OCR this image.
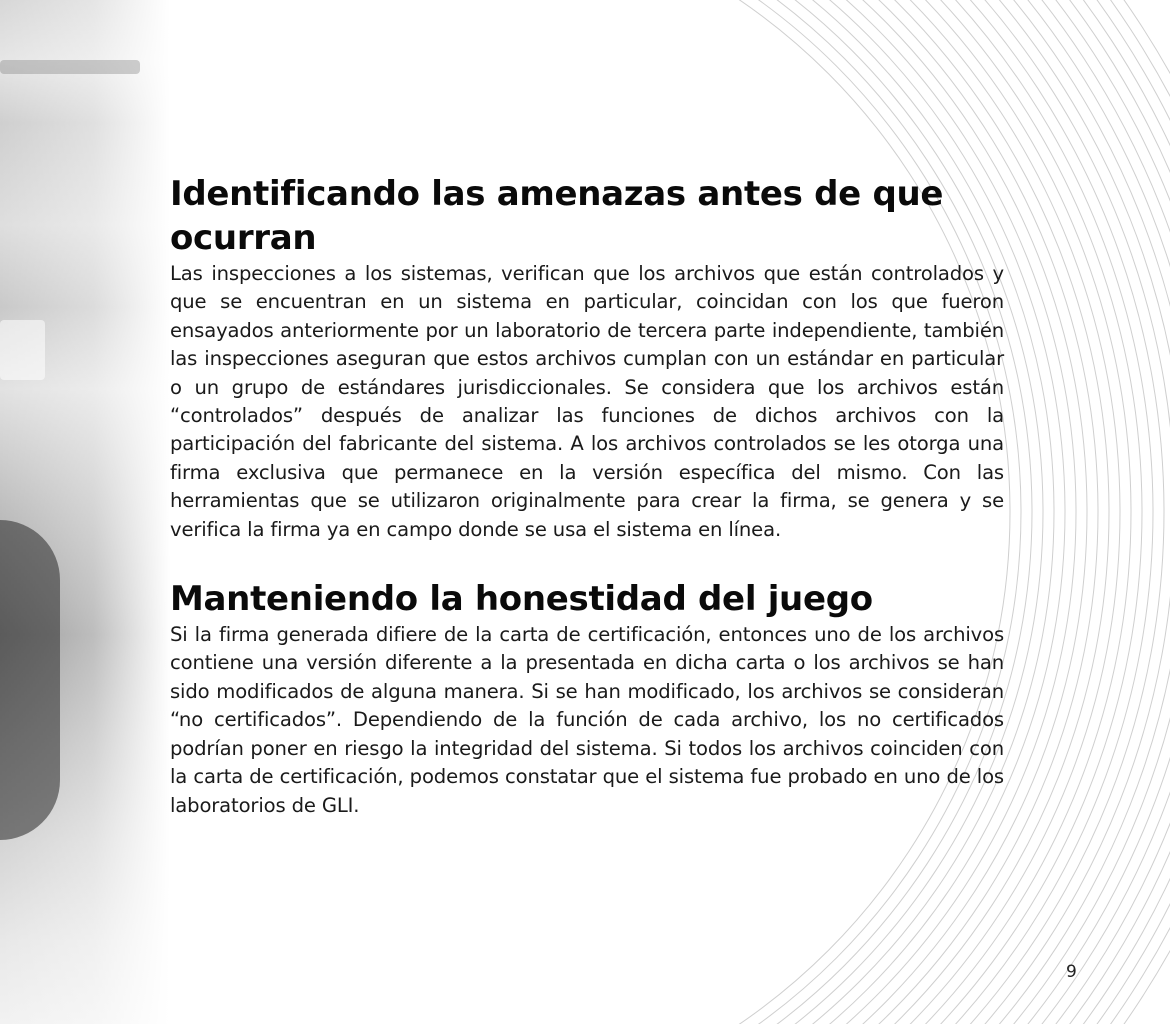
Identificando las amenazas antes de que ocurran

Las inspecciones a los sistemas, verifican que los archivos que están controlados y que se encuentran en un sistema en particular, coincidan con los que fueron ensayados anteriormente por un laboratorio de tercera parte independiente, también las inspecciones aseguran que estos archivos cumplan con un estándar en particular o un grupo de estándares jurisdiccionales. Se considera que los archivos están “controlados” después de analizar las funciones de dichos archivos con la participación del fabricante del sistema. A los archivos controlados se les otorga una firma exclusiva que permanece en la versión específica del mismo. Con las herramientas que se utilizaron originalmente para crear la firma, se genera y se verifica la firma ya en campo donde se usa el sistema en línea.

Manteniendo la honestidad del juego

Si la firma generada difiere de la carta de certificación, entonces uno de los archivos contiene una versión diferente a la presentada en dicha carta o los archivos se han sido modificados de alguna manera. Si se han modificado, los archivos se consideran “no certificados”. Dependiendo de la función de cada archivo, los no certificados podrían poner en riesgo la integridad del sistema. Si todos los archivos coinciden con la carta de certificación, podemos constatar que el sistema fue probado en uno de los laboratorios de GLI.

9
